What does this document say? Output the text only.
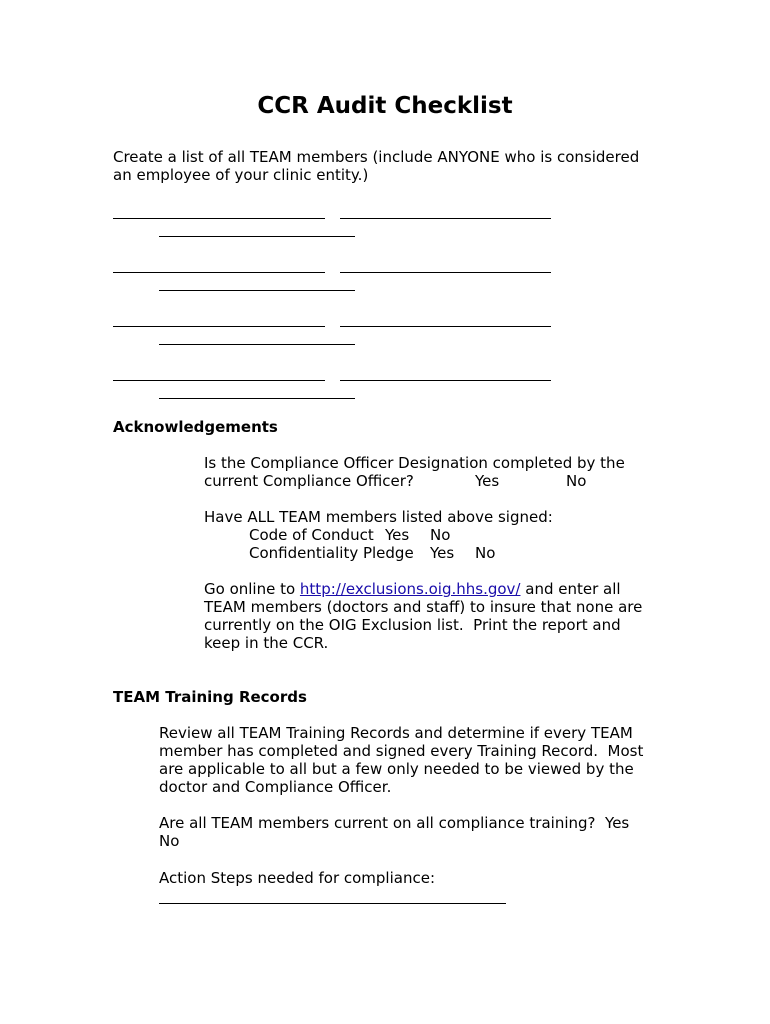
CCR Audit Checklist
Create a list of all TEAM members (include ANYONE who is considered
an employee of your clinic entity.)
Acknowledgements
Is the Compliance Officer Designation completed by the
current Compliance Officer?	Yes	No
Have ALL TEAM members listed above signed:
Code of Conduct Yes No
Confidentiality Pledge Yes No
Go online to http://exclusions.oig.hhs.gov/ and enter all
TEAM members (doctors and staff) to insure that none are
currently on the OIG Exclusion list.  Print the report and
keep in the CCR.
TEAM Training Records
Review all TEAM Training Records and determine if every TEAM
member has completed and signed every Training Record.  Most
are applicable to all but a few only needed to be viewed by the
doctor and Compliance Officer.
Are all TEAM members current on all compliance training?  Yes
No
Action Steps needed for compliance:
